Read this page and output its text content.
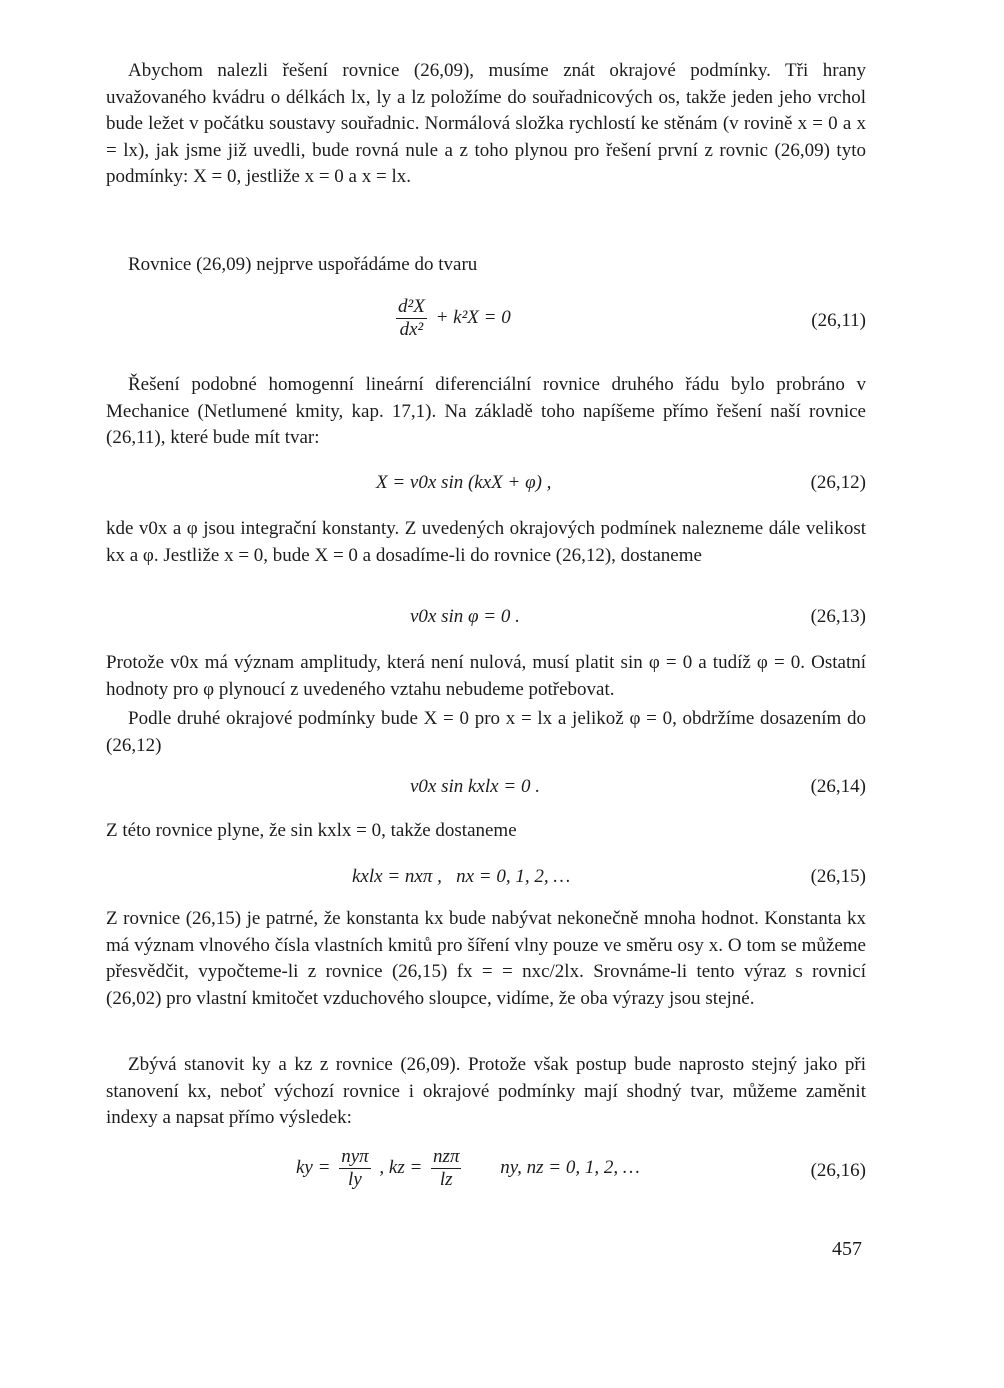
Abychom nalezli řešení rovnice (26,09), musíme znát okrajové podmínky. Tři hrany uvažovaného kvádru o délkách lx, ly a lz položíme do souřadnicových os, takže jeden jeho vrchol bude ležet v počátku soustavy souřadnic. Normálová složka rychlostí ke stěnám (v rovině x = 0 a x = lx), jak jsme již uvedli, bude rovná nule a z toho plynou pro řešení první z rovnic (26,09) tyto podmínky: X = 0, jestliže x = 0 a x = lx.

Rovnice (26,09) nejprve uspořádáme do tvaru

$\frac{\text{d²X}}{\text{dx²}} + k^2X = 0$	(26,11)

Řešení podobné homogenní lineární diferenciální rovnice druhého řádu bylo probráno v Mechanice (Netlumené kmity, kap. 17,1). Na základě toho napíšeme přímo řešení naší rovnice (26,11), které bude mít tvar:

X = v0x sin (kxX + φ) ,	(26,12)

kde v0x a φ jsou integrační konstanty. Z uvedených okrajových podmínek nalezneme dále velikost kx a φ. Jestliže x = 0, bude X = 0 a dosadíme-li do rovnice (26,12), dostaneme

v0x sin φ = 0 .	(26,13)

Protože v0x má význam amplitudy, která není nulová, musí platit sin φ = 0 a tudíž φ = 0. Ostatní hodnoty pro φ plynoucí z uvedeného vztahu nebudeme potřebovat.

Podle druhé okrajové podmínky bude X = 0 pro x = lx a jelikož φ = 0, obdržíme dosazením do (26,12)

v0x sin kxlx = 0 .	(26,14)

Z této rovnice plyne, že sin kxlx = 0, takže dostaneme

kxlx = nxπ ,   nx = 0, 1, 2, …	(26,15)

Z rovnice (26,15) je patrné, že konstanta kx bude nabývat nekonečně mnoha hodnot. Konstanta kx má význam vlnového čísla vlastních kmitů pro šíření vlny pouze ve směru osy x. O tom se můžeme přesvědčit, vypočteme-li z rovnice (26,15) fx = = nxc/2lx. Srovnáme-li tento výraz s rovnicí (26,02) pro vlastní kmitočet vzduchového sloupce, vidíme, že oba výrazy jsou stejné.

Zbývá stanovit ky a kz z rovnice (26,09). Protože však postup bude naprosto stejný jako při stanovení kx, neboť výchozí rovnice i okrajové podmínky mají shodný tvar, můžeme zaměnit indexy a napsat přímo výsledek:

ky = $\frac{\text{nyπ}}{ly}$ , kz = $\frac{\text{nzπ}}{lz}$ ny, nz = 0, 1, 2, …	(26,16)
457
